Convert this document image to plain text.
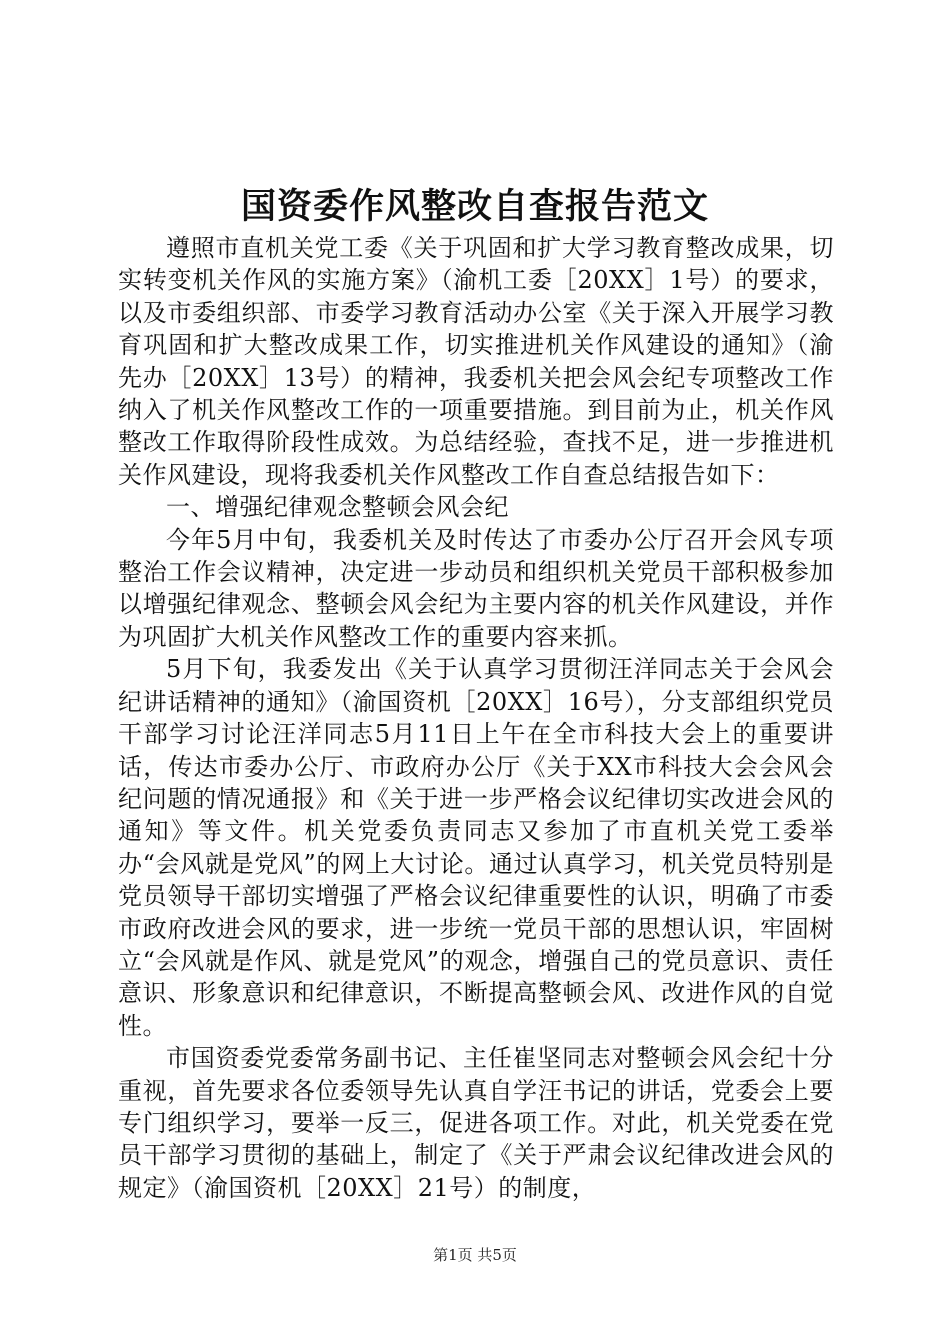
国资委作风整改自查报告范文

遵照市直机关党工委《关于巩固和扩大学习教育整改成果，切实转变机关作风的实施方案》（渝机工委［20XX］1号）的要求，以及市委组织部、市委学习教育活动办公室《关于深入开展学习教育巩固和扩大整改成果工作，切实推进机关作风建设的通知》（渝先办［20XX］13号）的精神，我委机关把会风会纪专项整改工作纳入了机关作风整改工作的一项重要措施。到目前为止，机关作风整改工作取得阶段性成效。为总结经验，查找不足，进一步推进机关作风建设，现将我委机关作风整改工作自查总结报告如下：

一、增强纪律观念整顿会风会纪

今年5月中旬，我委机关及时传达了市委办公厅召开会风专项整治工作会议精神，决定进一步动员和组织机关党员干部积极参加以增强纪律观念、整顿会风会纪为主要内容的机关作风建设，并作为巩固扩大机关作风整改工作的重要内容来抓。

5月下旬，我委发出《关于认真学习贯彻汪洋同志关于会风会纪讲话精神的通知》（渝国资机［20XX］16号），分支部组织党员干部学习讨论汪洋同志5月11日上午在全市科技大会上的重要讲话，传达市委办公厅、市政府办公厅《关于XX市科技大会会风会纪问题的情况通报》和《关于进一步严格会议纪律切实改进会风的通知》等文件。机关党委负责同志又参加了市直机关党工委举办“会风就是党风”的网上大讨论。通过认真学习，机关党员特别是党员领导干部切实增强了严格会议纪律重要性的认识，明确了市委市政府改进会风的要求，进一步统一党员干部的思想认识，牢固树立“会风就是作风、就是党风”的观念，增强自己的党员意识、责任意识、形象意识和纪律意识，不断提高整顿会风、改进作风的自觉性。

市国资委党委常务副书记、主任崔坚同志对整顿会风会纪十分重视，首先要求各位委领导先认真自学汪书记的讲话，党委会上要专门组织学习，要举一反三，促进各项工作。对此，机关党委在党员干部学习贯彻的基础上，制定了《关于严肃会议纪律改进会风的规定》（渝国资机［20XX］21号）的制度，

第1页 共5页
